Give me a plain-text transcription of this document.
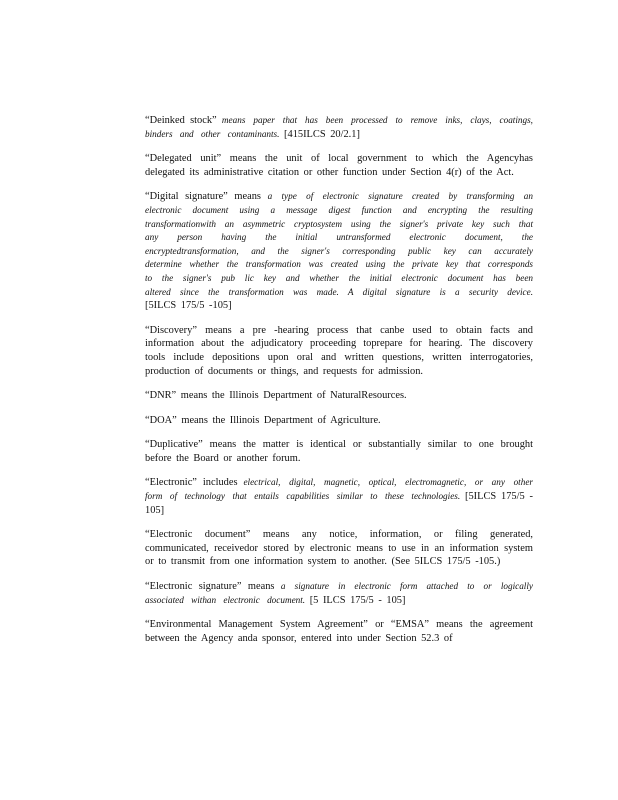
“Deinked stock” means paper that has been processed to remove inks, clays, coatings, binders and other contaminants. [415ILCS 20/2.1]

“Delegated unit” means the unit of local government to which the Agencyhas delegated its administrative citation or other function under Section 4(r) of the Act.

“Digital signature” means a type of electronic signature created by transforming an electronic document using a message digest function and encrypting the resulting transformationwith an asymmetric cryptosystem using the signer's private key such that any person having the initial untransformed electronic document, the encryptedtransformation, and the signer's corresponding public key can accurately determine whether the transformation was created using the private key that corresponds to the signer's pub lic key and whether the initial electronic document has been altered since the transformation was made. A digital signature is a security device. [5ILCS 175/5 -105]

“Discovery” means a pre -hearing process that canbe used to obtain facts and information about the adjudicatory proceeding toprepare for hearing. The discovery tools include depositions upon oral and written questions, written interrogatories, production of documents or things, and requests for admission.

“DNR” means the Illinois Department of NaturalResources.

“DOA” means the Illinois Department of Agriculture.

“Duplicative” means the matter is identical or substantially similar to one brought before the Board or another forum.

“Electronic” includes electrical, digital, magnetic, optical, electromagnetic, or any other form of technology that entails capabilities similar to these technologies. [5ILCS 175/5 - 105]

“Electronic document” means any notice, information, or filing generated, communicated, receivedor stored by electronic means to use in an information system or to transmit from one information system to another. (See 5ILCS 175/5 -105.)

“Electronic signature” means a signature in electronic form attached to or logically associated withan electronic document. [5 ILCS 175/5 - 105]

“Environmental Management System Agreement” or “EMSA” means the agreement between the Agency anda sponsor, entered into under Section 52.3 of
